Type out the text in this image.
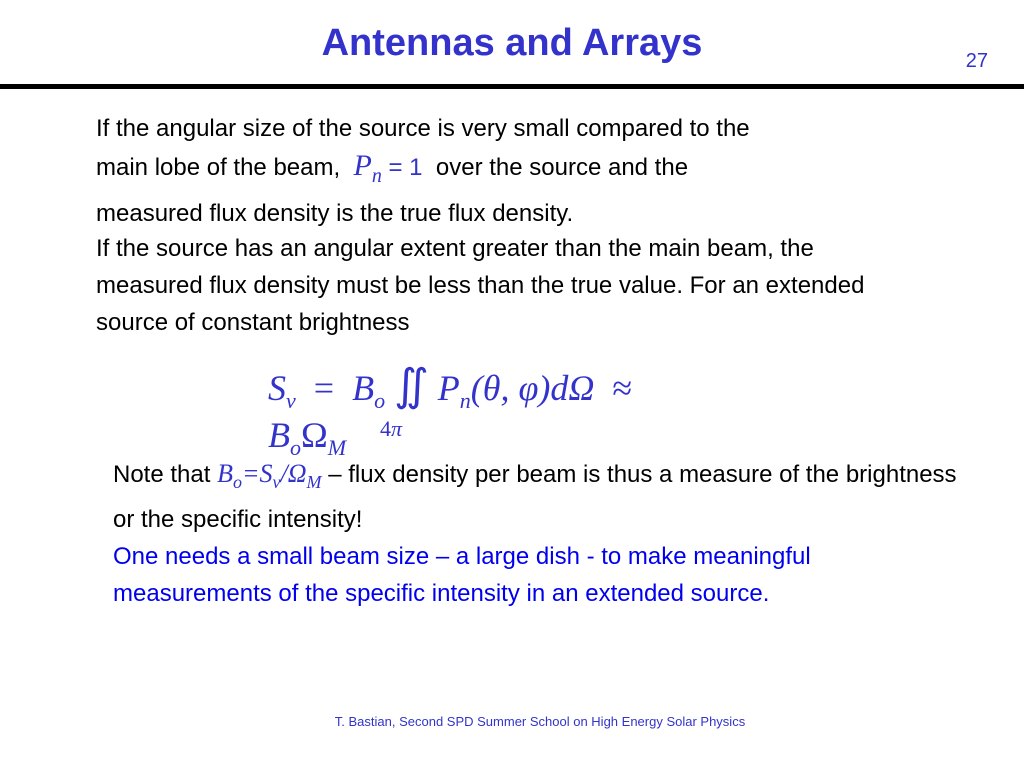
Antennas and Arrays	27
If the angular size of the source is very small compared to the
main lobe of the beam, $P_n = 1$ over the source and the
measured flux density is the true flux density.
If the source has an angular extent greater than the main beam, the measured flux density must be less than the true value. For an extended source of constant brightness
$S_\nu = B_o$ ∬ $P_n(\theta$, $\varphi)d\Omega \approx B_o\Omega_M$
4π
Note that $B_o=S_\nu/\Omega_M$ – flux density per beam is thus a measure of the brightness or the specific intensity!
One needs a small beam size – a large dish - to make meaningful measurements of the specific intensity in an extended source.
T. Bastian, Second SPD Summer School on High Energy Solar Physics
